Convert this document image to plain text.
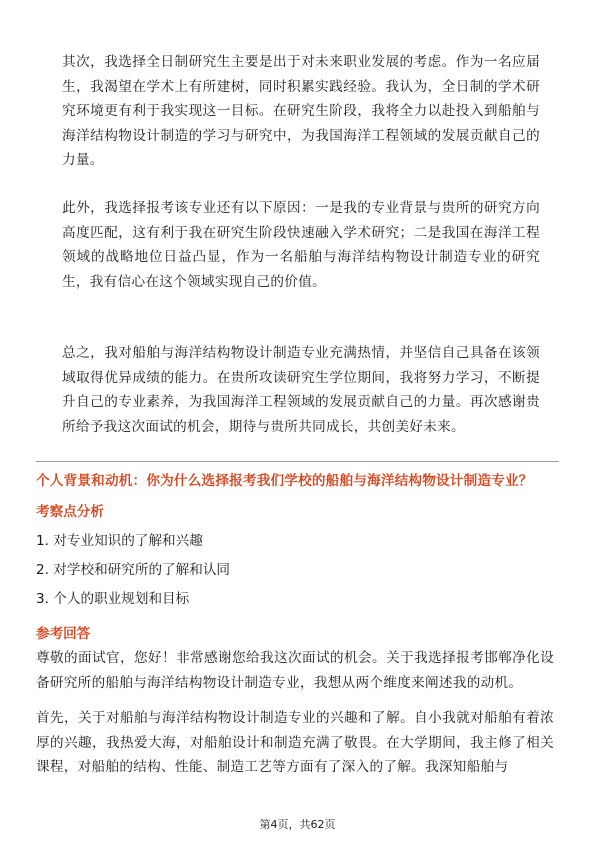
其次，我选择全日制研究生主要是出于对未来职业发展的考虑。作为一名应届生，我渴望在学术上有所建树，同时积累实践经验。我认为，全日制的学术研究环境更有利于我实现这一目标。在研究生阶段，我将全力以赴投入到船舶与海洋结构物设计制造的学习与研究中，为我国海洋工程领域的发展贡献自己的力量。

此外，我选择报考该专业还有以下原因：一是我的专业背景与贵所的研究方向高度匹配，这有利于我在研究生阶段快速融入学术研究；二是我国在海洋工程领域的战略地位日益凸显，作为一名船舶与海洋结构物设计制造专业的研究生，我有信心在这个领域实现自己的价值。

总之，我对船舶与海洋结构物设计制造专业充满热情，并坚信自己具备在该领域取得优异成绩的能力。在贵所攻读研究生学位期间，我将努力学习，不断提升自己的专业素养，为我国海洋工程领域的发展贡献自己的力量。再次感谢贵所给予我这次面试的机会，期待与贵所共同成长，共创美好未来。

个人背景和动机：你为什么选择报考我们学校的船舶与海洋结构物设计制造专业？

考察点分析

1. 对专业知识的了解和兴趣

2. 对学校和研究所的了解和认同

3. 个人的职业规划和目标

参考回答

尊敬的面试官，您好！非常感谢您给我这次面试的机会。关于我选择报考邯郸净化设备研究所的船舶与海洋结构物设计制造专业，我想从两个维度来阐述我的动机。

首先，关于对船舶与海洋结构物设计制造专业的兴趣和了解。自小我就对船舶有着浓厚的兴趣，我热爱大海，对船舶设计和制造充满了敬畏。在大学期间，我主修了相关课程，对船舶的结构、性能、制造工艺等方面有了深入的了解。我深知船舶与

第4页，共62页
